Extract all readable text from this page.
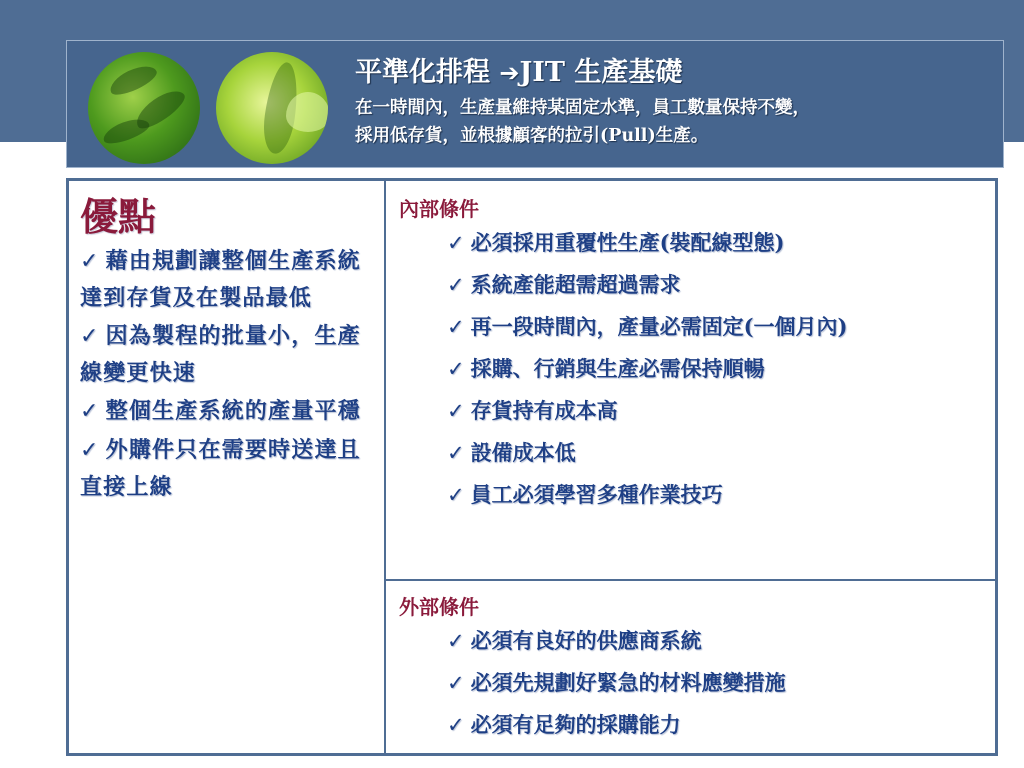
平準化排程 ➔JIT 生產基礎

在一時間內，生產量維持某固定水準，員工數量保持不變，
採用低存貨，並根據顧客的拉引(Pull)生產。

優點

✓ 藉由規劃讓整個生產系統 達到存貨及在製品最低

✓ 因為製程的批量小，生產線變更快速

✓ 整個生產系統的產量平穩

✓ 外購件只在需要時送達且直接上線

內部條件

✓ 必須採用重覆性生產(裝配線型態)
✓ 系統產能超需超過需求
✓ 再一段時間內，產量必需固定(一個月內)
✓ 採購、行銷與生產必需保持順暢
✓ 存貨持有成本高
✓ 設備成本低
✓ 員工必須學習多種作業技巧

外部條件

✓ 必須有良好的供應商系統
✓ 必須先規劃好緊急的材料應變措施
✓ 必須有足夠的採購能力
